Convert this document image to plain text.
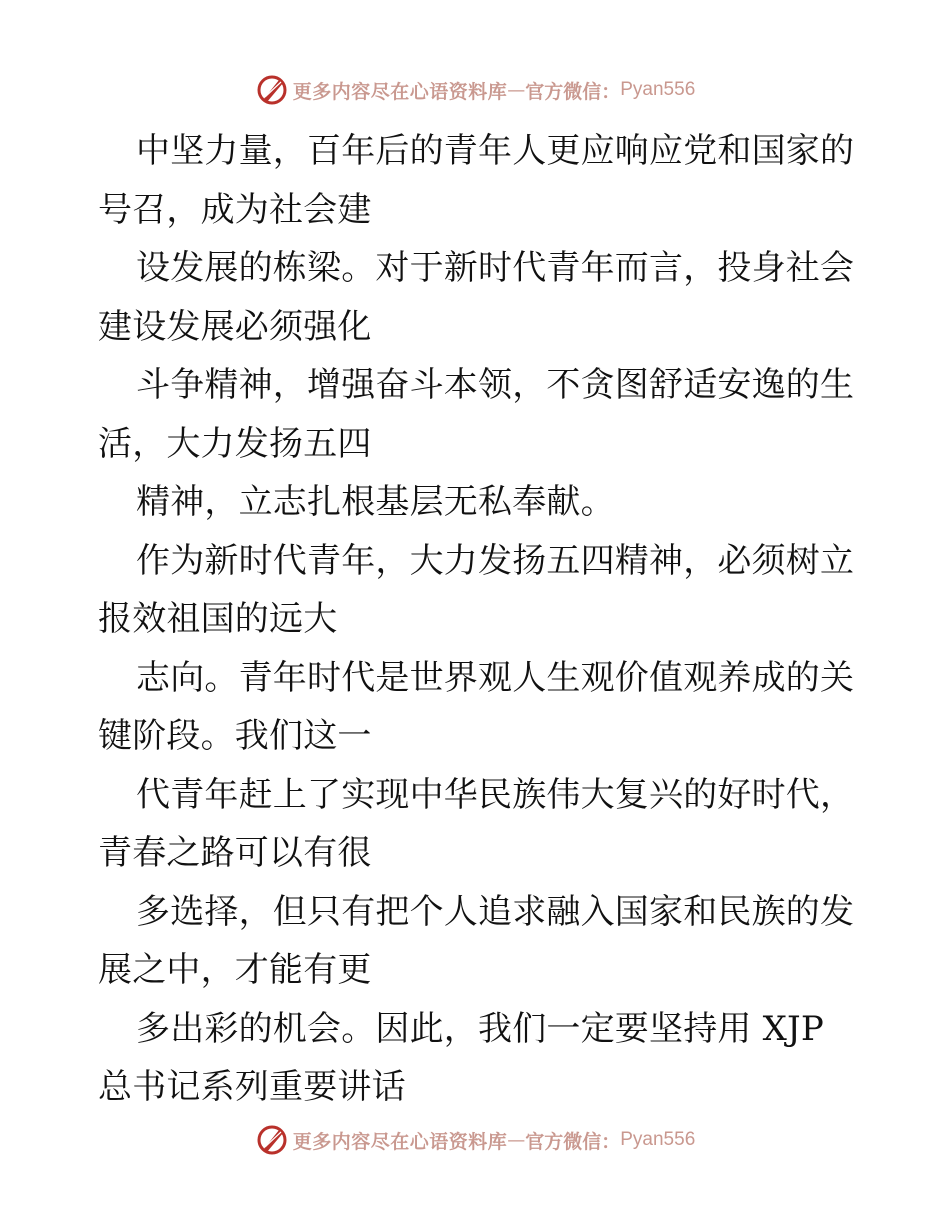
更多内容尽在心语资料库 — 官方微信： Pyan556
中坚力量，百年后的青年人更应响应党和国家的
号召，成为社会建
设发展的栋梁。对于新时代青年而言，投身社会
建设发展必须强化
斗争精神，增强奋斗本领，不贪图舒适安逸的生
活，大力发扬五四
精神，立志扎根基层无私奉献。
作为新时代青年，大力发扬五四精神，必须树立
报效祖国的远大
志向。青年时代是世界观人生观价值观养成的关
键阶段。我们这一
代青年赶上了实现中华民族伟大复兴的好时代，
青春之路可以有很
多选择，但只有把个人追求融入国家和民族的发
展之中，才能有更
多出彩的机会。因此，我们一定要坚持用 XJP
总书记系列重要讲话
更多内容尽在心语资料库 — 官方微信： Pyan556
